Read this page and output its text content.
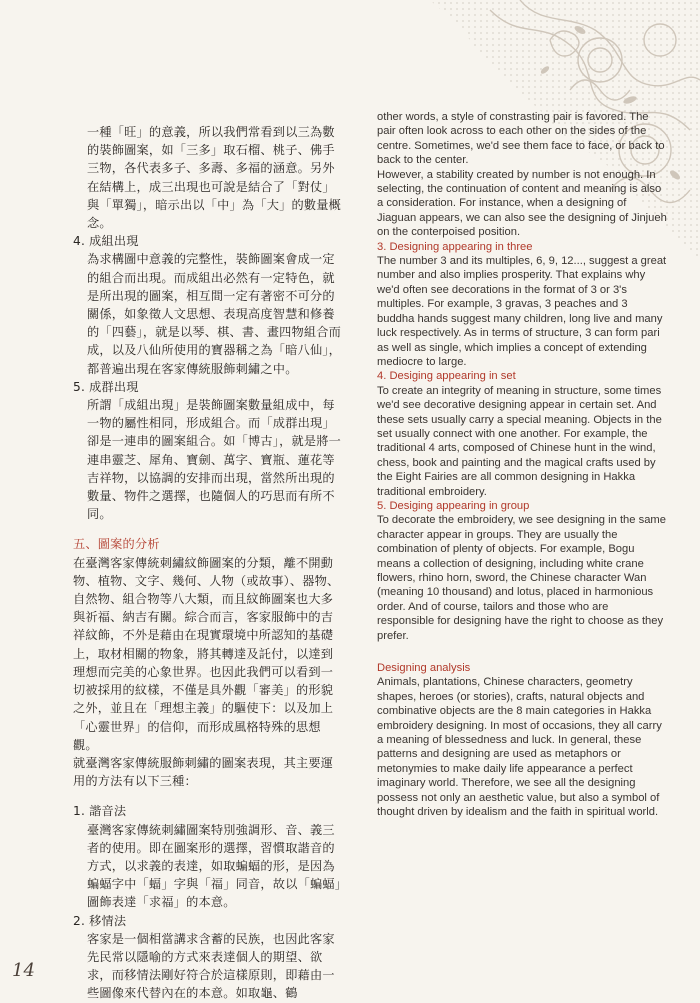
一種「旺」的意義，所以我們常看到以三為數的裝飾圖案，如「三多」取石榴、桃子、佛手三物，各代表多子、多壽、多福的涵意。另外在結構上，成三出現也可說是結合了「對仗」與「單獨」，暗示出以「中」為「大」的數量概念。

4. 成組出現

為求構圖中意義的完整性，裝飾圖案會成一定的組合而出現。而成組出必然有一定特色，就是所出現的圖案，相互間一定有著密不可分的關係，如象徵人文思想、表現高度智慧和修養的「四藝」，就是以琴、棋、書、畫四物組合而成，以及八仙所使用的寶器稱之為「暗八仙」，都普遍出現在客家傳統服飾刺繡之中。

5. 成群出現

所謂「成組出現」是裝飾圖案數量組成中，每一物的屬性相同，形成組合。而「成群出現」卻是一連串的圖案組合。如「博古」，就是將一連串靈芝、犀角、寶劍、萬字、寶瓶、蓮花等吉祥物，以協調的安排而出現，當然所出現的數量、物件之選擇，也隨個人的巧思而有所不同。

五、圖案的分析

在臺灣客家傳統刺繡紋飾圖案的分類，離不開動物、植物、文字、幾何、人物（或故事）、器物、自然物、組合物等八大類，而且紋飾圖案也大多與祈福、納吉有關。綜合而言，客家服飾中的吉祥紋飾，不外是藉由在現實環境中所認知的基礎上，取材相關的物象，將其轉達及託付，以達到理想而完美的心象世界。也因此我們可以看到一切被採用的紋樣，不僅是具外觀「審美」的形貌之外，並且在「理想主義」的驅使下：以及加上「心靈世界」的信仰，而形成風格特殊的思想觀。

就臺灣客家傳統服飾刺繡的圖案表現，其主要運用的方法有以下三種：

1. 諧音法

臺灣客家傳統刺繡圖案特別強調形、音、義三者的使用。即在圖案形的選擇，習慣取諧音的方式，以求義的表達，如取蝙蝠的形，是因為蝙蝠字中「蝠」字與「福」同音，故以「蝙蝠」圖飾表達「求福」的本意。

2. 移情法

客家是一個相當講求含蓄的民族，也因此客家先民常以隱喻的方式來表達個人的期望、欲求，而移情法剛好符合於這樣原則，即藉由一些圖像來代替內在的本意。如取龜、鶴

other words, a style of constrasting pair is favored. The pair often look across to each other on the sides of the centre. Sometimes, we'd see them face to face, or back to back to the center.

However, a stability created by number is not enough. In selecting, the continuation of content and meaning is also a consideration. For instance, when a designing of Jiaguan appears, we can also see the designing of Jinjueh on the conterpoised position.

3. Designing appearing in three

The number 3 and its multiples, 6, 9, 12..., suggest a great number and also implies prosperity. That explains why we'd often see decorations in the format of 3 or 3's multiples. For example, 3 gravas, 3 peaches and 3 buddha hands suggest many children, long live and many luck respectively. As in terms of structure, 3 can form pari as well as single, which implies a concept of extending mediocre to large.

4. Desiging appearing in set

To create an integrity of meaning in structure, some times we'd see decorative designing appear in certain set. And these sets usually carry a special meaning. Objects in the set usually connect with one another. For example, the traditional 4 arts, composed of Chinese hunt in the wind, chess, book and painting and the magical crafts used by the Eight Fairies are all common designing in Hakka traditional embroidery.

5. Desiging appearing in group

To decorate the embroidery, we see designing in the same character appear in groups. They are usually the combination of plenty of objects. For example, Bogu means a collection of designing, including white crane flowers, rhino horn, sword, the Chinese character Wan (meaning 10 thousand) and lotus, placed in harmonious order. And of course, tailors and those who are responsible for designing have the right to choose as they prefer.

Designing analysis

Animals, plantations, Chinese characters, geometry shapes, heroes (or stories), crafts, natural objects and combinative objects are the 8 main categories in Hakka embroidery designing. In most of occasions, they all carry a meaning of blessedness and luck. In general, these patterns and designing are used as metaphors or metonymies to make daily life appearance a perfect imaginary world. Therefore, we see all the designing possess not only an aesthetic value, but also a symbol of thought driven by idealism and the faith in spiritual world.

14
